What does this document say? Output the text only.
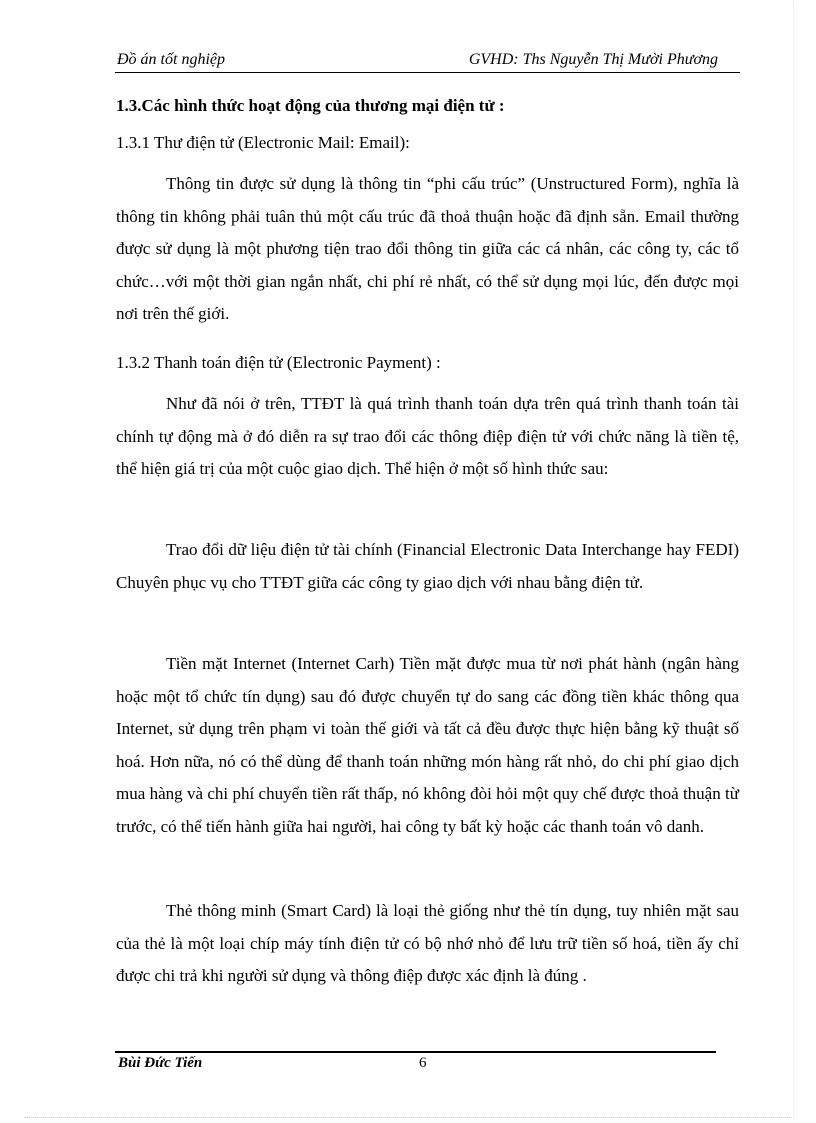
Đồ án tốt nghiệp	GVHD: Ths Nguyễn Thị Mười Phương
1.3.Các hình thức hoạt động của thương mại điện tử :
1.3.1 Thư điện tử (Electronic Mail: Email):

Thông tin được sử dụng là thông tin “phi cấu trúc” (Unstructured Form), nghĩa là thông tin không phải tuân thủ một cấu trúc đã thoả thuận hoặc đã định sẵn. Email thường được sử dụng là một phương tiện trao đổi thông tin giữa các cá nhân, các công ty, các tổ chức…với một thời gian ngắn nhất, chi phí rẻ nhất, có thể sử dụng mọi lúc, đến được mọi nơi trên thế giới.

1.3.2 Thanh toán điện tử (Electronic Payment) :

Như đã nói ở trên, TTĐT là quá trình thanh toán dựa trên quá trình thanh toán tài chính tự động mà ở đó diễn ra sự trao đổi các thông điệp điện tử với chức năng là tiền tệ, thể hiện giá trị của một cuộc giao dịch. Thể hiện ở một số hình thức sau:

Trao đổi dữ liệu điện tử tài chính (Financial Electronic Data Interchange hay FEDI) Chuyên phục vụ cho TTĐT giữa các công ty giao dịch với nhau bằng điện tử.

Tiền mặt Internet (Internet Carh) Tiền mặt được mua từ nơi phát hành (ngân hàng hoặc một tổ chức tín dụng) sau đó được chuyển tự do sang các đồng tiền khác thông qua Internet, sử dụng trên phạm vi toàn thế giới và tất cả đều được thực hiện bằng kỹ thuật số hoá. Hơn nữa, nó có thể dùng để thanh toán những món hàng rất nhỏ, do chi phí giao dịch mua hàng và chi phí chuyển tiền rất thấp, nó không đòi hỏi một quy chế được thoả thuận từ trước, có thể tiến hành giữa hai người, hai công ty bất kỳ hoặc các thanh toán vô danh.

Thẻ thông minh (Smart Card) là loại thẻ giống như thẻ tín dụng, tuy nhiên mặt sau của thẻ là một loại chíp máy tính điện tử có bộ nhớ nhỏ để lưu trữ tiền số hoá, tiền ấy chỉ được chi trả khi người sử dụng và thông điệp được xác định là đúng .

Bùi Đức Tiến	6
